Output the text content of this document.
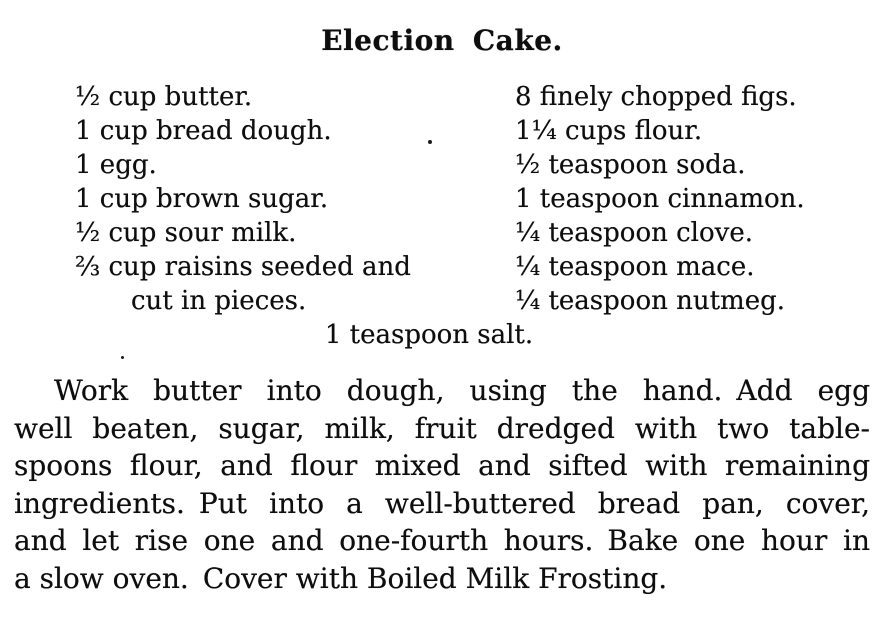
Election Cake.
½ cup butter.
1 cup bread dough.
1 egg.
1 cup brown sugar.
½ cup sour milk.
⅔ cup raisins seeded and
cut in pieces.
8 finely chopped figs.
1¼ cups flour.
½ teaspoon soda.
1 teaspoon cinnamon.
¼ teaspoon clove.
¼ teaspoon mace.
¼ teaspoon nutmeg.
1 teaspoon salt.
Work butter into dough, using the hand. Add egg
well beaten, sugar, milk, fruit dredged with two table-
spoons flour, and flour mixed and sifted with remaining
ingredients. Put into a well-buttered bread pan, cover,
and let rise one and one-fourth hours. Bake one hour in
a slow oven. Cover with Boiled Milk Frosting.
